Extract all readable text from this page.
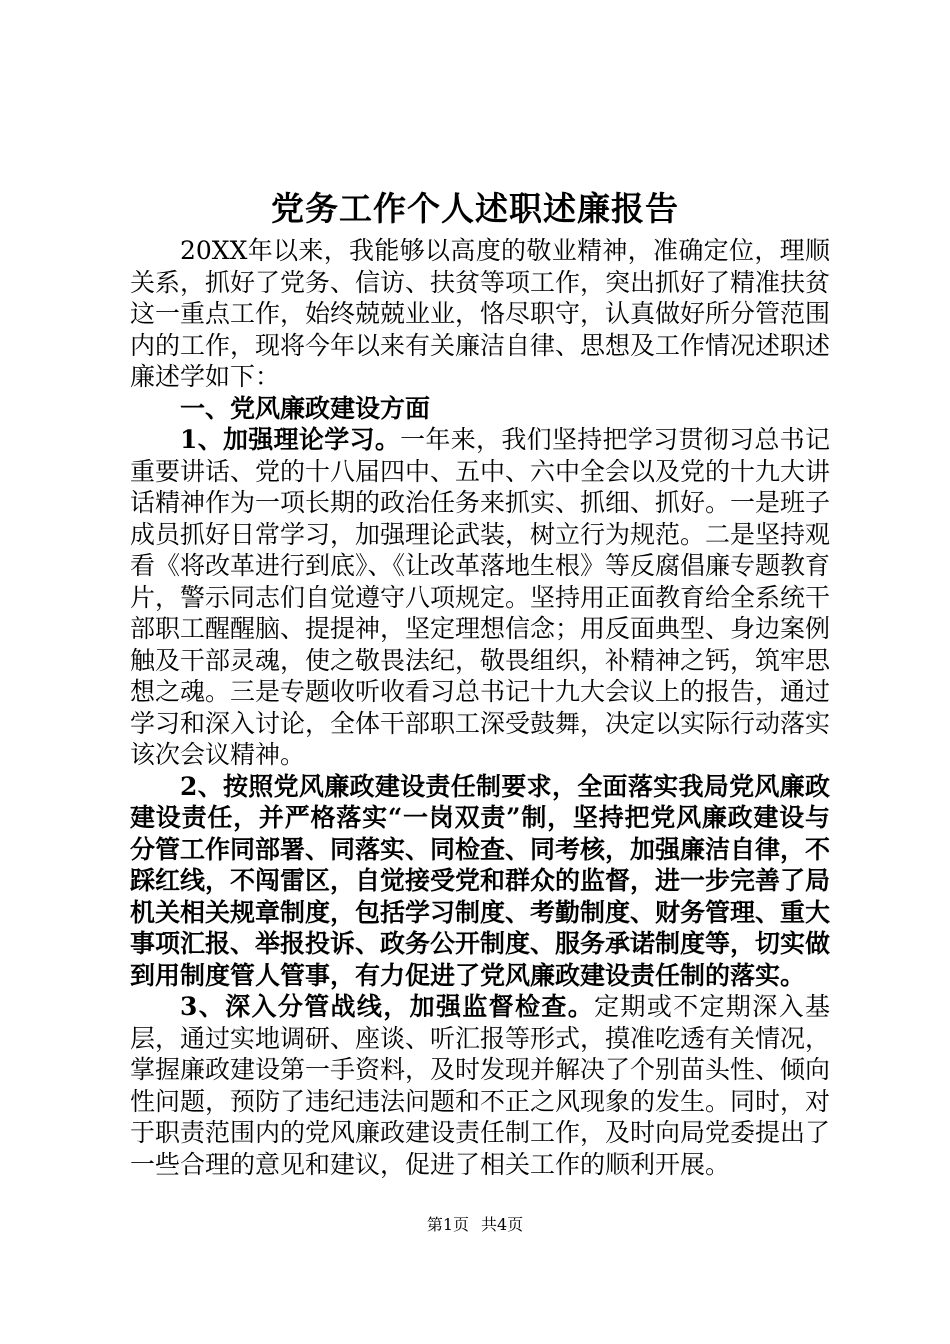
党务工作个人述职述廉报告

20XX年以来，我能够以高度的敬业精神，准确定位，理顺关系，抓好了党务、信访、扶贫等项工作，突出抓好了精准扶贫这一重点工作，始终兢兢业业，恪尽职守，认真做好所分管范围内的工作，现将今年以来有关廉洁自律、思想及工作情况述职述廉述学如下：

一、党风廉政建设方面

1、加强理论学习。一年来，我们坚持把学习贯彻习总书记重要讲话、党的十八届四中、五中、六中全会以及党的十九大讲话精神作为一项长期的政治任务来抓实、抓细、抓好。一是班子成员抓好日常学习，加强理论武装，树立行为规范。二是坚持观看《将改革进行到底》、《让改革落地生根》等反腐倡廉专题教育片，警示同志们自觉遵守八项规定。坚持用正面教育给全系统干部职工醒醒脑、提提神，坚定理想信念；用反面典型、身边案例触及干部灵魂，使之敬畏法纪，敬畏组织，补精神之钙，筑牢思想之魂。三是专题收听收看习总书记十九大会议上的报告，通过学习和深入讨论，全体干部职工深受鼓舞，决定以实际行动落实该次会议精神。

2、按照党风廉政建设责任制要求，全面落实我局党风廉政建设责任，并严格落实“一岗双责”制，坚持把党风廉政建设与分管工作同部署、同落实、同检查、同考核，加强廉洁自律，不踩红线，不闯雷区，自觉接受党和群众的监督，进一步完善了局机关相关规章制度，包括学习制度、考勤制度、财务管理、重大事项汇报、举报投诉、政务公开制度、服务承诺制度等，切实做到用制度管人管事，有力促进了党风廉政建设责任制的落实。

3、深入分管战线，加强监督检查。定期或不定期深入基层，通过实地调研、座谈、听汇报等形式，摸准吃透有关情况，掌握廉政建设第一手资料，及时发现并解决了个别苗头性、倾向性问题，预防了违纪违法问题和不正之风现象的发生。同时，对于职责范围内的党风廉政建设责任制工作，及时向局党委提出了一些合理的意见和建议，促进了相关工作的顺利开展。

第1页 共4页
